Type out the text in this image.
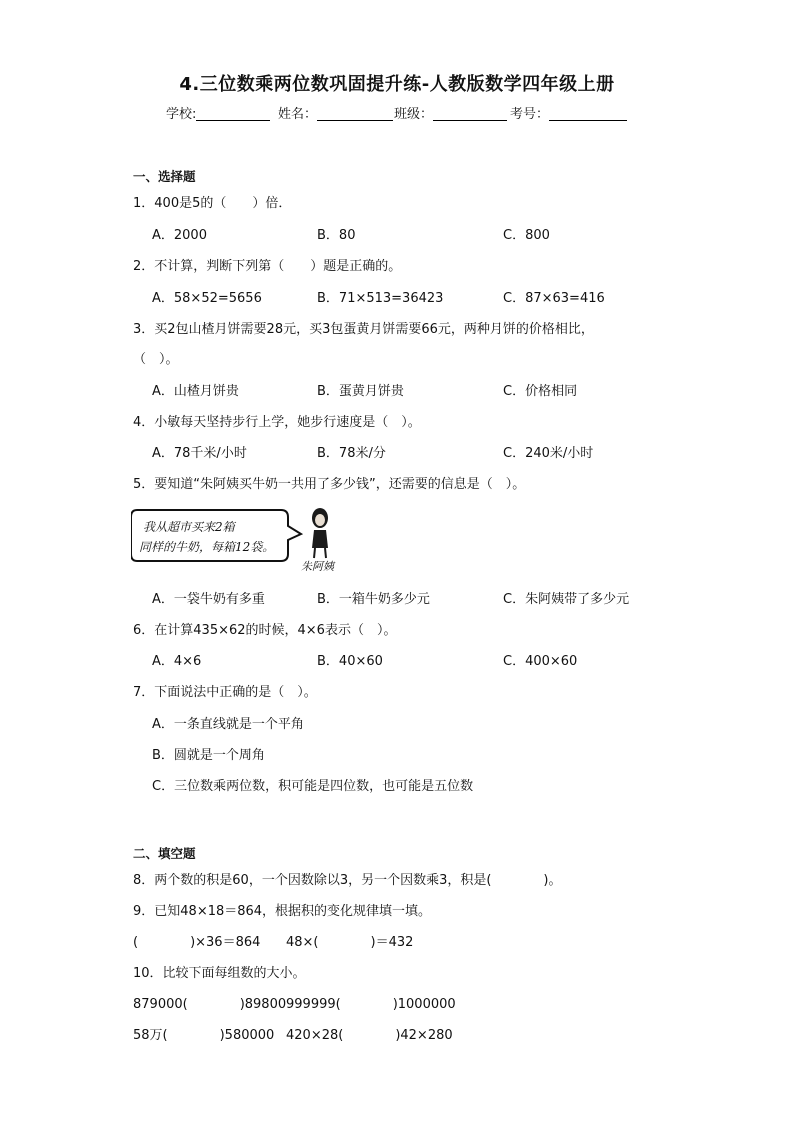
4.三位数乘两位数巩固提升练-人教版数学四年级上册
学校:	姓名：	班级：	考号：
一、选择题
1．400是5的（　　）倍．
A．2000	B．80	C．800
2．不计算，判断下列第（　　）题是正确的。
A．58×52=5656	B．71×513=36423	C．87×63=416
3．买2包山楂月饼需要28元，买3包蛋黄月饼需要66元，两种月饼的价格相比，
（　）。
A．山楂月饼贵	B．蛋黄月饼贵	C．价格相同
4．小敏每天坚持步行上学，她步行速度是（　）。
A．78千米/小时	B．78米/分	C．240米/小时
5．要知道“朱阿姨买牛奶一共用了多少钱”，还需要的信息是（　）。
我从超市买来2箱
同样的牛奶，每箱12袋。
朱阿姨
A．一袋牛奶有多重	B．一箱牛奶多少元	C．朱阿姨带了多少元
6．在计算435×62的时候，4×6表示（　）。
A．4×6	B．40×60	C．400×60
7．下面说法中正确的是（　）。
A．一条直线就是一个平角
B．圆就是一个周角
C．三位数乘两位数，积可能是四位数，也可能是五位数
二、填空题
8．两个数的积是60，一个因数除以3，另一个因数乘3，积是(　　　　)。
9．已知48×18＝864，根据积的变化规律填一填。
(　　　　)×36＝864 48×(　　　　)＝432
10．比较下面每组数的大小。
879000(　　　　)89800 999999(　　　　)1000000
58万(　　　　)580000 420×28(　　　　)42×280
